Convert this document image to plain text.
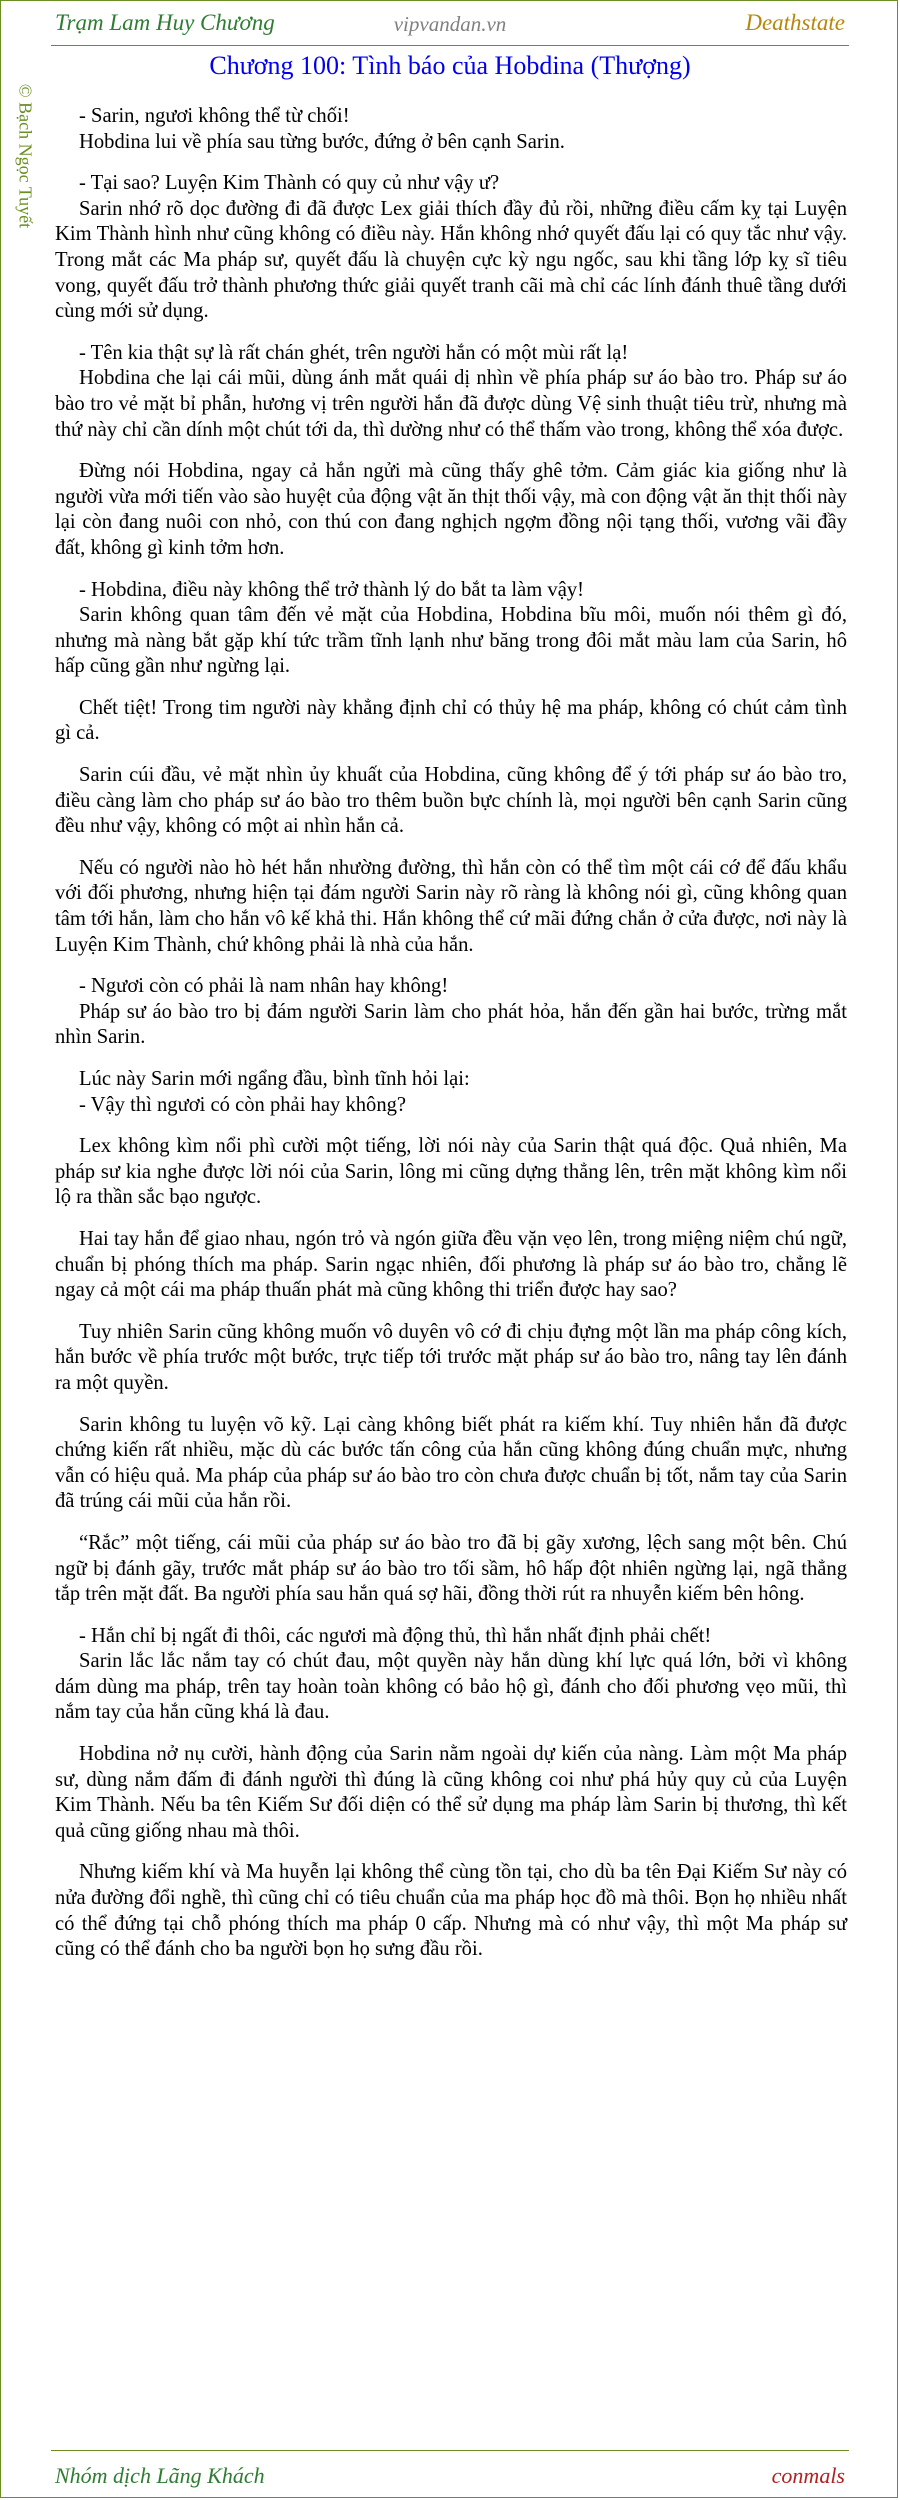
Trạm Lam Huy Chương	vipvandan.vn	Deathstate
© Bạch Ngọc Tuyết
Chương 100: Tình báo của Hobdina (Thượng)

- Sarin, ngươi không thể từ chối!

Hobdina lui về phía sau từng bước, đứng ở bên cạnh Sarin.

- Tại sao? Luyện Kim Thành có quy củ như vậy ư?

Sarin nhớ rõ dọc đường đi đã được Lex giải thích đầy đủ rồi, những điều cấm kỵ tại Luyện Kim Thành hình như cũng không có điều này. Hắn không nhớ quyết đấu lại có quy tắc như vậy. Trong mắt các Ma pháp sư, quyết đấu là chuyện cực kỳ ngu ngốc, sau khi tầng lớp kỵ sĩ tiêu vong, quyết đấu trở thành phương thức giải quyết tranh cãi mà chỉ các lính đánh thuê tầng dưới cùng mới sử dụng.

- Tên kia thật sự là rất chán ghét, trên người hắn có một mùi rất lạ!

Hobdina che lại cái mũi, dùng ánh mắt quái dị nhìn về phía pháp sư áo bào tro. Pháp sư áo bào tro vẻ mặt bỉ phẫn, hương vị trên người hắn đã được dùng Vệ sinh thuật tiêu trừ, nhưng mà thứ này chỉ cần dính một chút tới da, thì dường như có thể thấm vào trong, không thể xóa được.

Đừng nói Hobdina, ngay cả hắn ngửi mà cũng thấy ghê tởm. Cảm giác kia giống như là người vừa mới tiến vào sào huyệt của động vật ăn thịt thối vậy, mà con động vật ăn thịt thối này lại còn đang nuôi con nhỏ, con thú con đang nghịch ngợm đồng nội tạng thối, vương vãi đầy đất, không gì kinh tởm hơn.

- Hobdina, điều này không thể trở thành lý do bắt ta làm vậy!

Sarin không quan tâm đến vẻ mặt của Hobdina, Hobdina bĩu môi, muốn nói thêm gì đó, nhưng mà nàng bắt gặp khí tức trầm tĩnh lạnh như băng trong đôi mắt màu lam của Sarin, hô hấp cũng gần như ngừng lại.

Chết tiệt! Trong tim người này khẳng định chỉ có thủy hệ ma pháp, không có chút cảm tình gì cả.

Sarin cúi đầu, vẻ mặt nhìn ủy khuất của Hobdina, cũng không để ý tới pháp sư áo bào tro, điều càng làm cho pháp sư áo bào tro thêm buồn bực chính là, mọi người bên cạnh Sarin cũng đều như vậy, không có một ai nhìn hắn cả.

Nếu có người nào hò hét hắn nhường đường, thì hắn còn có thể tìm một cái cớ để đấu khẩu với đối phương, nhưng hiện tại đám người Sarin này rõ ràng là không nói gì, cũng không quan tâm tới hắn, làm cho hắn vô kế khả thi. Hắn không thể cứ mãi đứng chắn ở cửa được, nơi này là Luyện Kim Thành, chứ không phải là nhà của hắn.

- Ngươi còn có phải là nam nhân hay không!

Pháp sư áo bào tro bị đám người Sarin làm cho phát hỏa, hắn đến gần hai bước, trừng mắt nhìn Sarin.

Lúc này Sarin mới ngẩng đầu, bình tĩnh hỏi lại:

- Vậy thì ngươi có còn phải hay không?

Lex không kìm nổi phì cười một tiếng, lời nói này của Sarin thật quá độc. Quả nhiên, Ma pháp sư kia nghe được lời nói của Sarin, lông mi cũng dựng thẳng lên, trên mặt không kìm nổi lộ ra thần sắc bạo ngược.

Hai tay hắn để giao nhau, ngón trỏ và ngón giữa đều vặn vẹo lên, trong miệng niệm chú ngữ, chuẩn bị phóng thích ma pháp. Sarin ngạc nhiên, đối phương là pháp sư áo bào tro, chẳng lẽ ngay cả một cái ma pháp thuấn phát mà cũng không thi triển được hay sao?

Tuy nhiên Sarin cũng không muốn vô duyên vô cớ đi chịu đựng một lần ma pháp công kích, hắn bước về phía trước một bước, trực tiếp tới trước mặt pháp sư áo bào tro, nâng tay lên đánh ra một quyền.

Sarin không tu luyện võ kỹ. Lại càng không biết phát ra kiếm khí. Tuy nhiên hắn đã được chứng kiến rất nhiều, mặc dù các bước tấn công của hắn cũng không đúng chuẩn mực, nhưng vẫn có hiệu quả. Ma pháp của pháp sư áo bào tro còn chưa được chuẩn bị tốt, nắm tay của Sarin đã trúng cái mũi của hắn rồi.

“Rắc” một tiếng, cái mũi của pháp sư áo bào tro đã bị gãy xương, lệch sang một bên. Chú ngữ bị đánh gãy, trước mắt pháp sư áo bào tro tối sầm, hô hấp đột nhiên ngừng lại, ngã thẳng tắp trên mặt đất. Ba người phía sau hắn quá sợ hãi, đồng thời rút ra nhuyễn kiếm bên hông.

- Hắn chỉ bị ngất đi thôi, các ngươi mà động thủ, thì hắn nhất định phải chết!

Sarin lắc lắc nắm tay có chút đau, một quyền này hắn dùng khí lực quá lớn, bởi vì không dám dùng ma pháp, trên tay hoàn toàn không có bảo hộ gì, đánh cho đối phương vẹo mũi, thì nắm tay của hắn cũng khá là đau.

Hobdina nở nụ cười, hành động của Sarin nằm ngoài dự kiến của nàng. Làm một Ma pháp sư, dùng nắm đấm đi đánh người thì đúng là cũng không coi như phá hủy quy củ của Luyện Kim Thành. Nếu ba tên Kiếm Sư đối diện có thể sử dụng ma pháp làm Sarin bị thương, thì kết quả cũng giống nhau mà thôi.

Nhưng kiếm khí và Ma huyễn lại không thể cùng tồn tại, cho dù ba tên Đại Kiếm Sư này có nửa đường đổi nghề, thì cũng chỉ có tiêu chuẩn của ma pháp học đồ mà thôi. Bọn họ nhiều nhất có thể đứng tại chỗ phóng thích ma pháp 0 cấp. Nhưng mà có như vậy, thì một Ma pháp sư cũng có thể đánh cho ba người bọn họ sưng đầu rồi.

Nhóm dịch Lãng Khách	conmals
